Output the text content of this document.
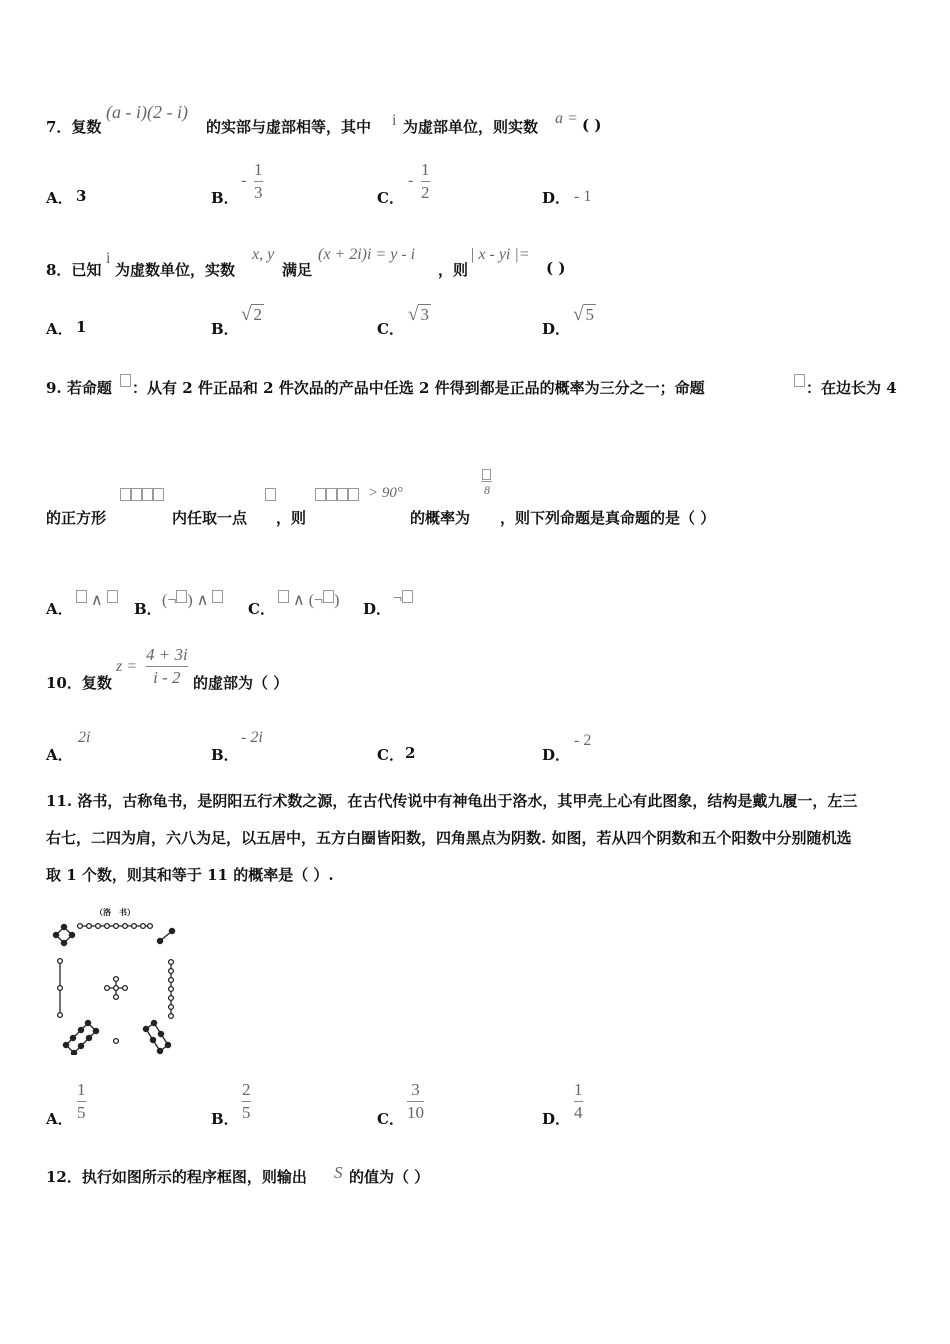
7．复数
(a - i)(2 - i)
的实部与虚部相等，其中 i 为虚部单位，则实数 a = ( )
A． 3	B．
-
1
3	C．
-
1
2	D． - 1
8．已知
i
为虚数单位，实数
x, y
满足
(x + 2i)i = y - i
，则
| x - yi |=
( )
A． 1	B．
√ 2
C．
√ 3
D．
√ 5
9. 若命题 ：从有 2 件正品和 2 件次品的产品中任选 2 件得到都是正品的概率为三分之一；命题	：在边长为 4
> 90°	8
的正方形	内任取一点 ，则	的概率为 ，则下列命题是真命题的是（ ）
A．	∧	B． (¬ ) ∧	C．	∧ (¬ ) D．
¬
10．复数
z =
4 + 3i
i - 2 的虚部为（ ）
A．
2i
B．
- 2i
C． 2	D．
- 2
11. 洛书，古称龟书，是阴阳五行术数之源，在古代传说中有神龟出于洛水，其甲壳上心有此图象，结构是戴九履一，左三
右七，二四为肩，六八为足，以五居中，五方白圈皆阳数，四角黑点为阴数. 如图，若从四个阴数和五个阳数中分别随机选
取 1 个数，则其和等于 11 的概率是（ ）.
（洛　书）
A．
1
5	B．
2
5	C．
3
10	D．
1
4
12．执行如图所示的程序框图，则输出 S 的值为（ ）
